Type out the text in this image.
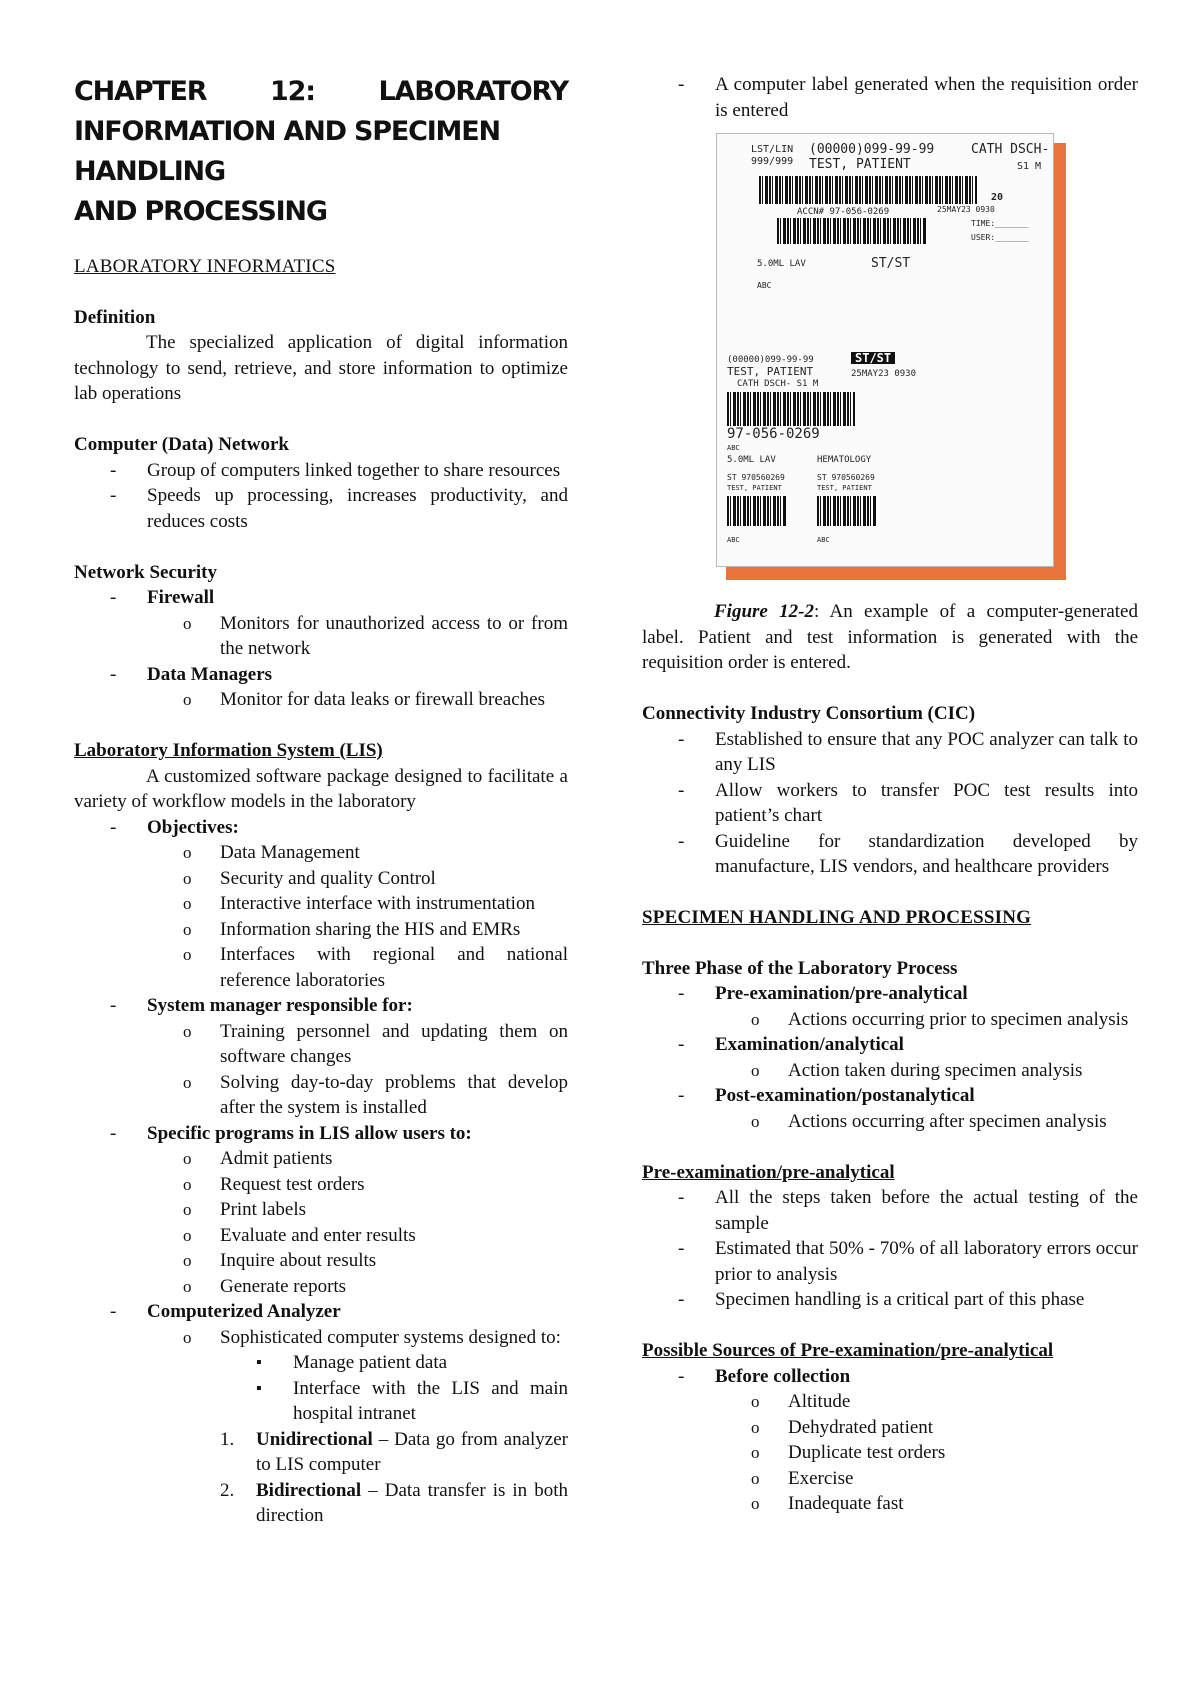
CHAPTER 12: LABORATORY
INFORMATION AND SPECIMEN HANDLING
AND PROCESSING

LABORATORY INFORMATICS

Definition

The specialized application of digital information technology to send, retrieve, and store information to optimize lab operations

Computer (Data) Network

- Group of computers linked together to share resources
- Speeds up processing, increases productivity, and reduces costs

Network Security

- Firewall
o Monitors for unauthorized access to or from the network
- Data Managers
o Monitor for data leaks or firewall breaches

Laboratory Information System (LIS)

A customized software package designed to facilitate a variety of workflow models in the laboratory

- Objectives:
o Data Management
o Security and quality Control
o Interactive interface with instrumentation
o Information sharing the HIS and EMRs
o Interfaces with regional and national reference laboratories
- System manager responsible for:
o Training personnel and updating them on software changes
o Solving day-to-day problems that develop after the system is installed
- Specific programs in LIS allow users to:
o Admit patients
o Request test orders
o Print labels
o Evaluate and enter results
o Inquire about results
o Generate reports
- Computerized Analyzer
o Sophisticated computer systems designed to:
▪ Manage patient data
▪ Interface with the LIS and main hospital intranet
1. Unidirectional – Data go from analyzer to LIS computer
2. Bidirectional – Data transfer is in both direction
- A computer label generated when the requisition order is entered
LST/LIN
999/999
(00000)099-99-99
TEST, PATIENT
CATH DSCH-
S1 M
20
25MAY23 0930
ACCN# 97-056-0269
TIME:_______
USER:_______
5.0ML LAV	ST/ST
ABC
(00000)099-99-99
TEST, PATIENT
CATH DSCH- S1 M
ST/ST
25MAY23 0930
97-056-0269
ABC
5.0ML LAV	HEMATOLOGY
ST 970560269
TEST, PATIENT
ST 970560269
TEST, PATIENT
ABC	ABC

Figure 12-2: An example of a computer-generated label. Patient and test information is generated with the requisition order is entered.

Connectivity Industry Consortium (CIC)

- Established to ensure that any POC analyzer can talk to any LIS
- Allow workers to transfer POC test results into patient’s chart
- Guideline for standardization developed by manufacture, LIS vendors, and healthcare providers

SPECIMEN HANDLING AND PROCESSING

Three Phase of the Laboratory Process

- Pre-examination/pre-analytical
o Actions occurring prior to specimen analysis
- Examination/analytical
o Action taken during specimen analysis
- Post-examination/postanalytical
o Actions occurring after specimen analysis

Pre-examination/pre-analytical

- All the steps taken before the actual testing of the sample
- Estimated that 50% - 70% of all laboratory errors occur prior to analysis
- Specimen handling is a critical part of this phase

Possible Sources of Pre-examination/pre-analytical

- Before collection
o Altitude
o Dehydrated patient
o Duplicate test orders
o Exercise
o Inadequate fast
